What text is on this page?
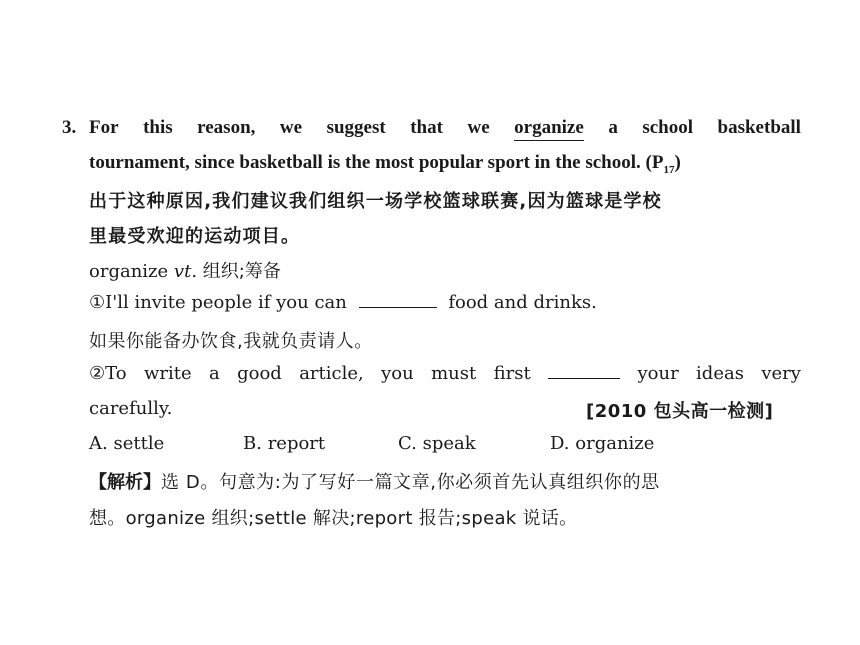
3. For this reason, we suggest that we organize a school basketball
tournament, since basketball is the most popular sport in the school. $(P_{17})$
出于这种原因,我们建议我们组织一场学校篮球联赛,因为篮球是学校
里最受欢迎的运动项目。
organize vt. 组织;筹备
①I'll invite people if you can	food and drinks.
如果你能备办饮食,我就负责请人。
②To write a good article, you must first	your ideas very
carefully.	[2010 包头高一检测]
A. settle	B. report	C. speak	D. organize
【解析】选 D。句意为:为了写好一篇文章,你必须首先认真组织你的思
想。organize 组织;settle 解决;report 报告;speak 说话。
